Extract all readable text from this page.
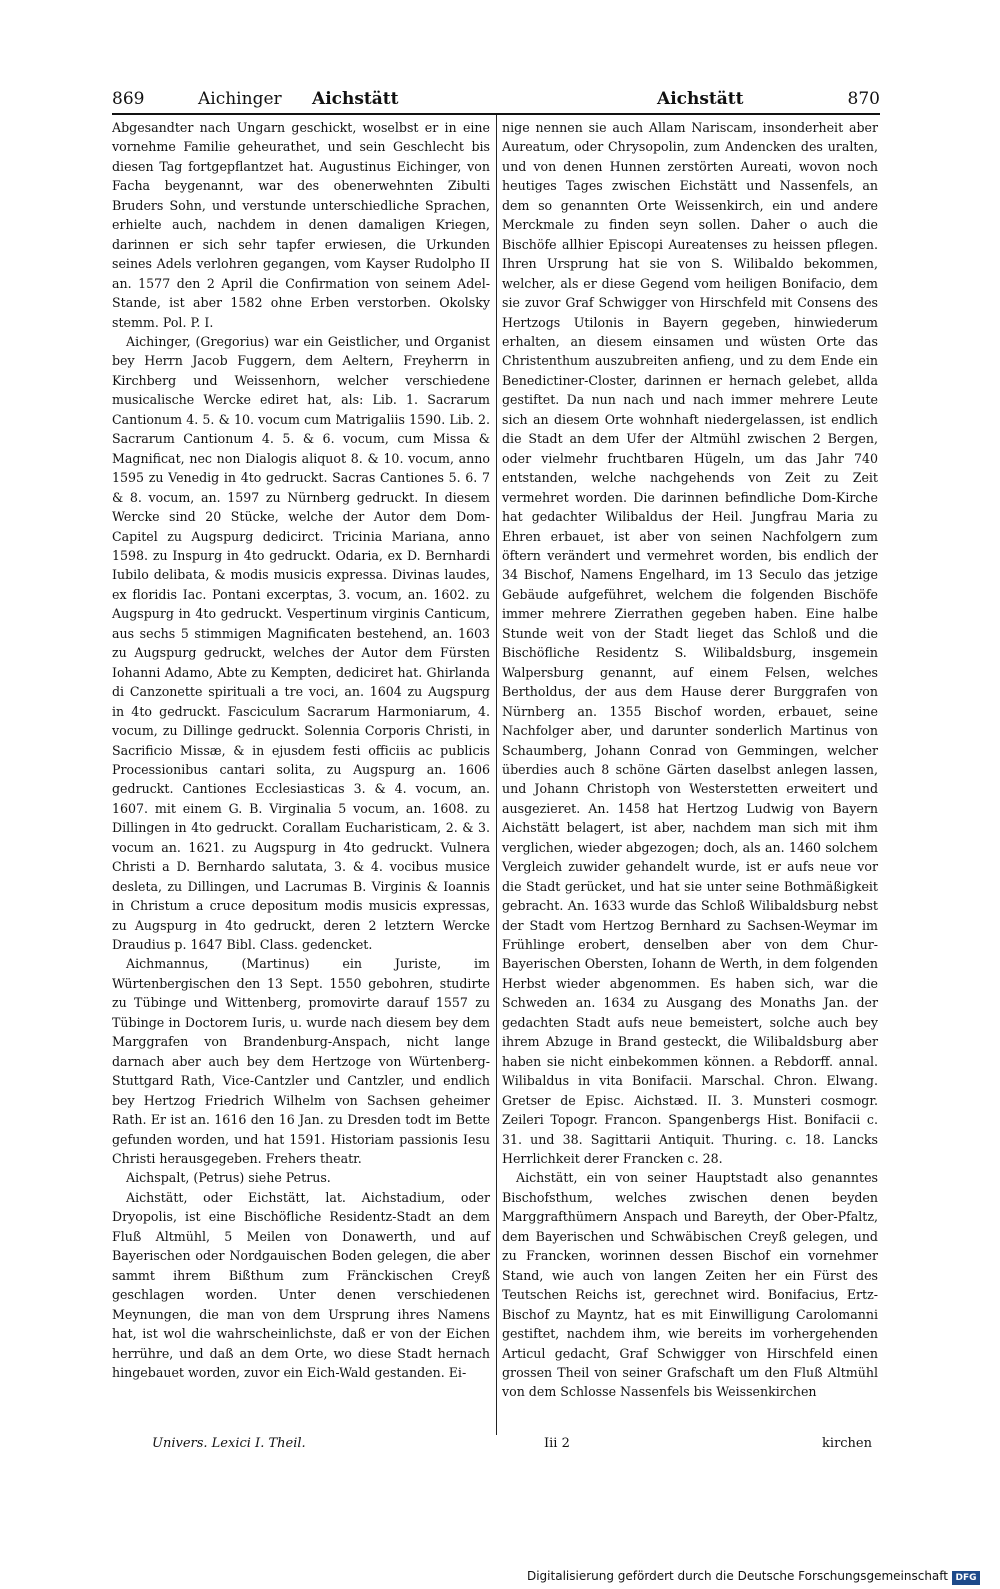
869	Aichinger Aichstätt	Aichstätt	870

Abgesandter nach Ungarn geschickt, woselbst er in eine vornehme Familie geheurathet, und sein Geschlecht bis diesen Tag fortgepflantzet hat. Augustinus Eichinger, von Facha beygenannt, war des obenerwehnten Zibulti Bruders Sohn, und verstunde unterschiedliche Sprachen, erhielte auch, nachdem in denen damaligen Kriegen, darinnen er sich sehr tapfer erwiesen, die Urkunden seines Adels verlohren gegangen, vom Kayser Rudolpho II an. 1577 den 2 April die Confirmation von seinem Adel-Stande, ist aber 1582 ohne Erben verstorben. Okolsky stemm. Pol. P. I.

Aichinger, (Gregorius) war ein Geistlicher, und Organist bey Herrn Jacob Fuggern, dem Aeltern, Freyherrn in Kirchberg und Weissenhorn, welcher verschiedene musicalische Wercke ediret hat, als: Lib. 1. Sacrarum Cantionum 4. 5. & 10. vocum cum Matrigaliis 1590. Lib. 2. Sacrarum Cantionum 4. 5. & 6. vocum, cum Missa & Magnificat, nec non Dialogis aliquot 8. & 10. vocum, anno 1595 zu Venedig in 4to gedruckt. Sacras Cantiones 5. 6. 7 & 8. vocum, an. 1597 zu Nürnberg gedruckt. In diesem Wercke sind 20 Stücke, welche der Autor dem Dom-Capitel zu Augspurg dedicirct. Tricinia Mariana, anno 1598. zu Inspurg in 4to gedruckt. Odaria, ex D. Bernhardi Iubilo delibata, & modis musicis expressa. Divinas laudes, ex floridis Iac. Pontani excerptas, 3. vocum, an. 1602. zu Augspurg in 4to gedruckt. Vespertinum virginis Canticum, aus sechs 5 stimmigen Magnificaten bestehend, an. 1603 zu Augspurg gedruckt, welches der Autor dem Fürsten Iohanni Adamo, Abte zu Kempten, dediciret hat. Ghirlanda di Canzonette spirituali a tre voci, an. 1604 zu Augspurg in 4to gedruckt. Fasciculum Sacrarum Harmoniarum, 4. vocum, zu Dillinge gedruckt. Solennia Corporis Christi, in Sacrificio Missæ, & in ejusdem festi officiis ac publicis Processionibus cantari solita, zu Augspurg an. 1606 gedruckt. Cantiones Ecclesiasticas 3. & 4. vocum, an. 1607. mit einem G. B. Virginalia 5 vocum, an. 1608. zu Dillingen in 4to gedruckt. Corallam Eucharisticam, 2. & 3. vocum an. 1621. zu Augspurg in 4to gedruckt. Vulnera Christi a D. Bernhardo salutata, 3. & 4. vocibus musice desleta, zu Dillingen, und Lacrumas B. Virginis & Ioannis in Christum a cruce depositum modis musicis expressas, zu Augspurg in 4to gedruckt, deren 2 letztern Wercke Draudius p. 1647 Bibl. Class. gedencket.

Aichmannus, (Martinus) ein Juriste, im Würtenbergischen den 13 Sept. 1550 gebohren, studirte zu Tübinge und Wittenberg, promovirte darauf 1557 zu Tübinge in Doctorem Iuris, u. wurde nach diesem bey dem Marggrafen von Brandenburg-Anspach, nicht lange darnach aber auch bey dem Hertzoge von Würtenberg-Stuttgard Rath, Vice-Cantzler und Cantzler, und endlich bey Hertzog Friedrich Wilhelm von Sachsen geheimer Rath. Er ist an. 1616 den 16 Jan. zu Dresden todt im Bette gefunden worden, und hat 1591. Historiam passionis Iesu Christi herausgegeben. Frehers theatr.

Aichspalt, (Petrus) siehe Petrus.

Aichstätt, oder Eichstätt, lat. Aichstadium, oder Dryopolis, ist eine Bischöfliche Residentz-Stadt an dem Fluß Altmühl, 5 Meilen von Donawerth, und auf Bayerischen oder Nordgauischen Boden gelegen, die aber sammt ihrem Bißthum zum Fränckischen Creyß geschlagen worden. Unter denen verschiedenen Meynungen, die man von dem Ursprung ihres Namens hat, ist wol die wahrscheinlichste, daß er von der Eichen herrühre, und daß an dem Orte, wo diese Stadt hernach hingebauet worden, zuvor ein Eich-Wald gestanden. Ei-

nige nennen sie auch Allam Nariscam, insonderheit aber Aureatum, oder Chrysopolin, zum Andencken des uralten, und von denen Hunnen zerstörten Aureati, wovon noch heutiges Tages zwischen Eichstätt und Nassenfels, an dem so genannten Orte Weissenkirch, ein und andere Merckmale zu finden seyn sollen. Daher o auch die Bischöfe allhier Episcopi Aureatenses zu heissen pflegen. Ihren Ursprung hat sie von S. Wilibaldo bekommen, welcher, als er diese Gegend vom heiligen Bonifacio, dem sie zuvor Graf Schwigger von Hirschfeld mit Consens des Hertzogs Utilonis in Bayern gegeben, hinwiederum erhalten, an diesem einsamen und wüsten Orte das Christenthum auszubreiten anfieng, und zu dem Ende ein Benedictiner-Closter, darinnen er hernach gelebet, allda gestiftet. Da nun nach und nach immer mehrere Leute sich an diesem Orte wohnhaft niedergelassen, ist endlich die Stadt an dem Ufer der Altmühl zwischen 2 Bergen, oder vielmehr fruchtbaren Hügeln, um das Jahr 740 entstanden, welche nachgehends von Zeit zu Zeit vermehret worden. Die darinnen befindliche Dom-Kirche hat gedachter Wilibaldus der Heil. Jungfrau Maria zu Ehren erbauet, ist aber von seinen Nachfolgern zum öftern verändert und vermehret worden, bis endlich der 34 Bischof, Namens Engelhard, im 13 Seculo das jetzige Gebäude aufgeführet, welchem die folgenden Bischöfe immer mehrere Zierrathen gegeben haben. Eine halbe Stunde weit von der Stadt lieget das Schloß und die Bischöfliche Residentz S. Wilibaldsburg, insgemein Walpersburg genannt, auf einem Felsen, welches Bertholdus, der aus dem Hause derer Burggrafen von Nürnberg an. 1355 Bischof worden, erbauet, seine Nachfolger aber, und darunter sonderlich Martinus von Schaumberg, Johann Conrad von Gemmingen, welcher überdies auch 8 schöne Gärten daselbst anlegen lassen, und Johann Christoph von Westerstetten erweitert und ausgezieret. An. 1458 hat Hertzog Ludwig von Bayern Aichstätt belagert, ist aber, nachdem man sich mit ihm verglichen, wieder abgezogen; doch, als an. 1460 solchem Vergleich zuwider gehandelt wurde, ist er aufs neue vor die Stadt gerücket, und hat sie unter seine Bothmäßigkeit gebracht. An. 1633 wurde das Schloß Wilibaldsburg nebst der Stadt vom Hertzog Bernhard zu Sachsen-Weymar im Frühlinge erobert, denselben aber von dem Chur-Bayerischen Obersten, Iohann de Werth, in dem folgenden Herbst wieder abgenommen. Es haben sich, war die Schweden an. 1634 zu Ausgang des Monaths Jan. der gedachten Stadt aufs neue bemeistert, solche auch bey ihrem Abzuge in Brand gesteckt, die Wilibaldsburg aber haben sie nicht einbekommen können. a Rebdorff. annal. Wilibaldus in vita Bonifacii. Marschal. Chron. Elwang. Gretser de Episc. Aichstæd. II. 3. Munsteri cosmogr. Zeileri Topogr. Francon. Spangenbergs Hist. Bonifacii c. 31. und 38. Sagittarii Antiquit. Thuring. c. 18. Lancks Herrlichkeit derer Francken c. 28.

Aichstätt, ein von seiner Hauptstadt also genanntes Bischofsthum, welches zwischen denen beyden Marggrafthümern Anspach und Bareyth, der Ober-Pfaltz, dem Bayerischen und Schwäbischen Creyß gelegen, und zu Francken, worinnen dessen Bischof ein vornehmer Stand, wie auch von langen Zeiten her ein Fürst des Teutschen Reichs ist, gerechnet wird. Bonifacius, Ertz-Bischof zu Mayntz, hat es mit Einwilligung Carolomanni gestiftet, nachdem ihm, wie bereits im vorhergehenden Articul gedacht, Graf Schwigger von Hirschfeld einen grossen Theil von seiner Grafschaft um den Fluß Altmühl von dem Schlosse Nassenfels bis Weissenkirchen

Univers. Lexici I. Theil.	Iii 2	kirchen
Digitalisierung gefördert durch die Deutsche Forschungsgemeinschaft DFG
